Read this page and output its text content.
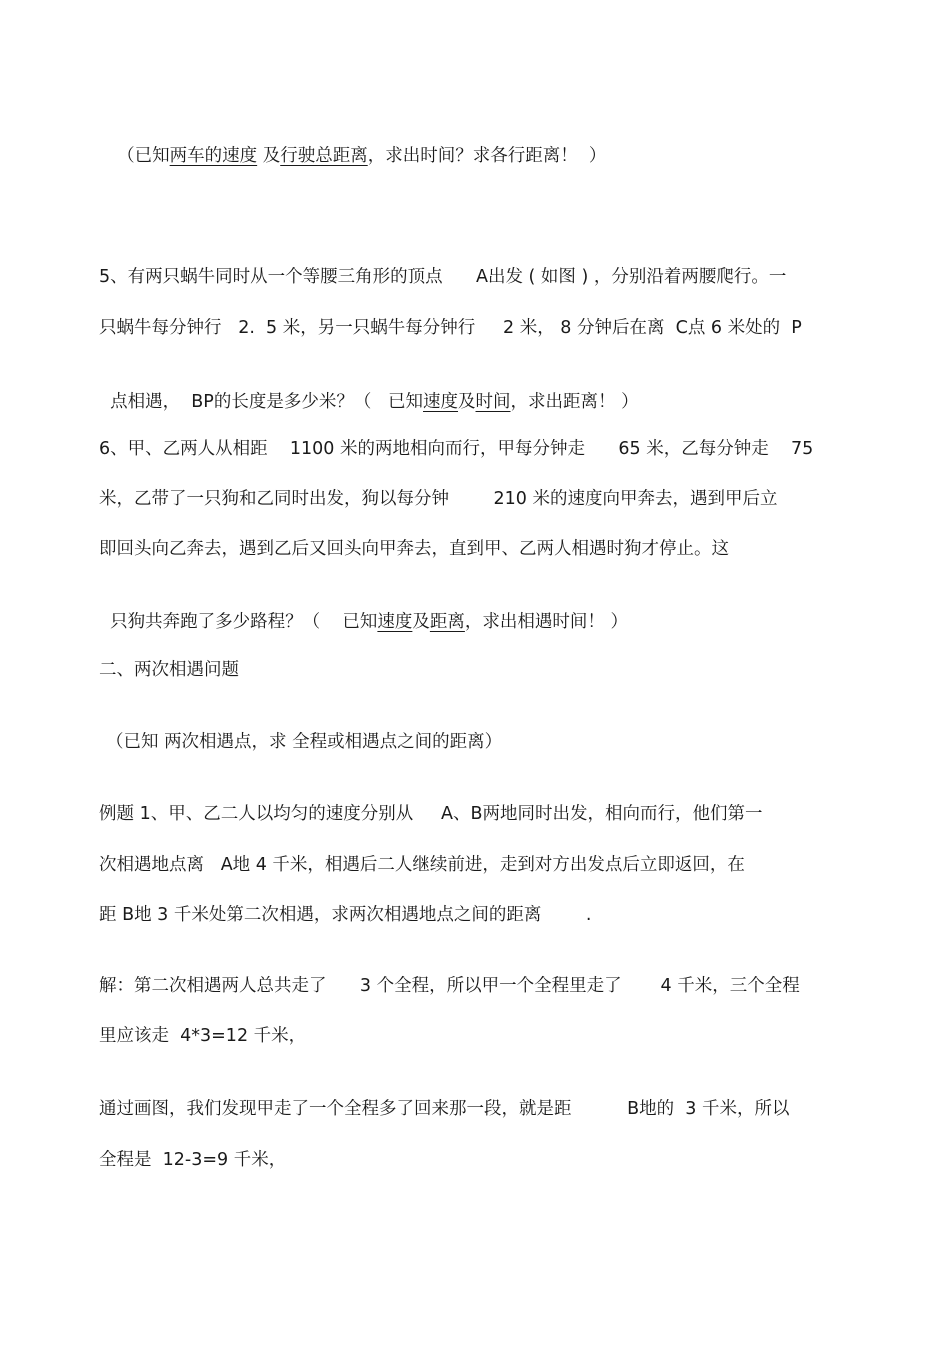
（已知两车的速度 及行驶总距离，求出时间？求各行距离！  ）

5、有两只蜗牛同时从一个等腰三角形的顶点      A出发 ( 如图 ) ，分别沿着两腰爬行。一
只蜗牛每分钟行   2.  5 米，另一只蜗牛每分钟行     2 米， 8 分钟后在离  C点 6 米处的  P

点相遇，  BP的长度是多少米？（   已知速度及时间，求出距离！ ）

6、甲、乙两人从相距    1100 米的两地相向而行，甲每分钟走      65 米，乙每分钟走    75
米，乙带了一只狗和乙同时出发，狗以每分钟        210 米的速度向甲奔去，遇到甲后立
即回头向乙奔去，遇到乙后又回头向甲奔去，直到甲、乙两人相遇时狗才停止。这

只狗共奔跑了多少路程？（    已知速度及距离，求出相遇时间！ ）

二、两次相遇问题
（已知 两次相遇点，求 全程或相遇点之间的距离）
例题 1、甲、乙二人以均匀的速度分别从     A、B两地同时出发，相向而行，他们第一
次相遇地点离   A地 4 千米，相遇后二人继续前进，走到对方出发点后立即返回，在
距 B地 3 千米处第二次相遇，求两次相遇地点之间的距离        .
解：第二次相遇两人总共走了      3 个全程，所以甲一个全程里走了       4 千米，三个全程
里应该走  4*3=12 千米，
通过画图，我们发现甲走了一个全程多了回来那一段，就是距          B地的  3 千米，所以
全程是  12-3=9 千米，
